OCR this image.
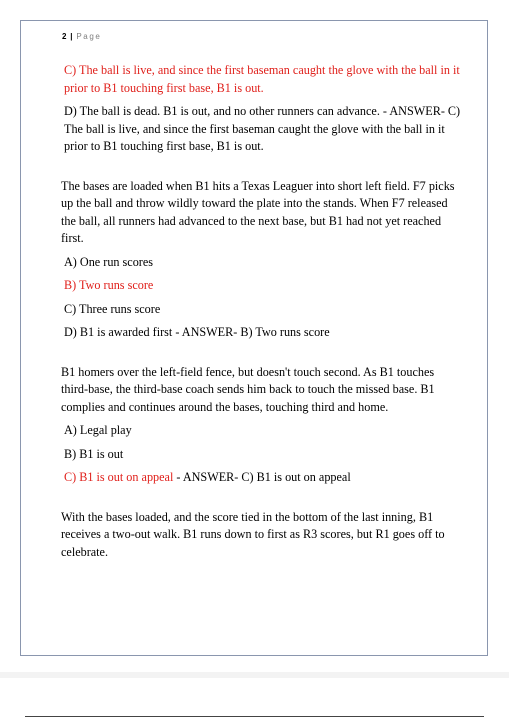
2 | Page

C) The ball is live, and since the first baseman caught the glove with the ball in it prior to B1 touching first base, B1 is out.

D) The ball is dead. B1 is out, and no other runners can advance. - ANSWER- C) The ball is live, and since the first baseman caught the glove with the ball in it prior to B1 touching first base, B1 is out.

The bases are loaded when B1 hits a Texas Leaguer into short left field. F7 picks up the ball and throw wildly toward the plate into the stands. When F7 released the ball, all runners had advanced to the next base, but B1 had not yet reached first.

A) One run scores

B) Two runs score

C) Three runs score

D) B1 is awarded first - ANSWER- B) Two runs score

B1 homers over the left-field fence, but doesn't touch second. As B1 touches third-base, the third-base coach sends him back to touch the missed base. B1 complies and continues around the bases, touching third and home.

A) Legal play

B) B1 is out

C) B1 is out on appeal - ANSWER- C) B1 is out on appeal

With the bases loaded, and the score tied in the bottom of the last inning, B1 receives a two-out walk. B1 runs down to first as R3 scores, but R1 goes off to celebrate.
